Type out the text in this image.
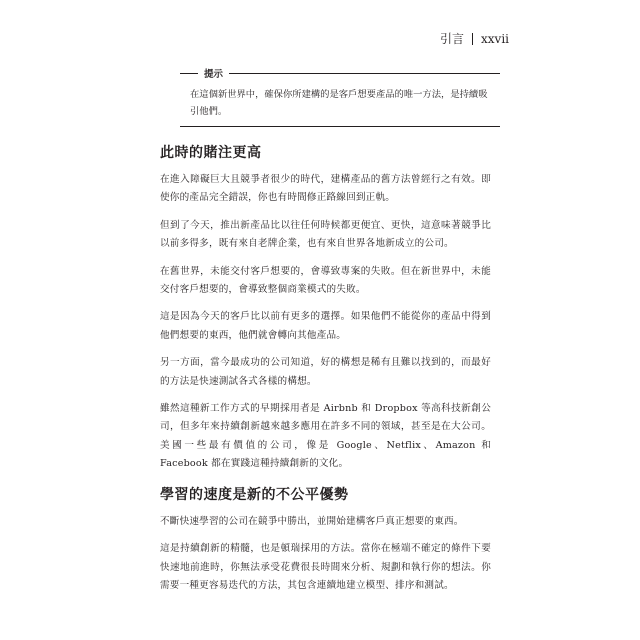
引言 xxvii
提示
在這個新世界中，確保你所建構的是客戶想要產品的唯一方法，是持續吸引他們。
此時的賭注更高

在進入障礙巨大且競爭者很少的時代，建構產品的舊方法曾經行之有效。即使你的產品完全錯誤，你也有時間修正路線回到正軌。

但到了今天，推出新產品比以往任何時候都更便宜、更快，這意味著競爭比以前多得多，既有來自老牌企業，也有來自世界各地新成立的公司。

在舊世界，未能交付客戶想要的，會導致專案的失敗。但在新世界中，未能交付客戶想要的，會導致整個商業模式的失敗。

這是因為今天的客戶比以前有更多的選擇。如果他們不能從你的產品中得到他們想要的東西，他們就會轉向其他產品。

另一方面，當今最成功的公司知道，好的構想是稀有且難以找到的，而最好的方法是快速測試各式各樣的構想。

雖然這種新工作方式的早期採用者是 Airbnb 和 Dropbox 等高科技新創公司，但多年來持續創新越來越多應用在許多不同的領域，甚至是在大公司。美國一些最有價值的公司，像是 Google、Netflix、Amazon 和 Facebook 都在實踐這種持續創新的文化。

學習的速度是新的不公平優勢

不斷快速學習的公司在競爭中勝出，並開始建構客戶真正想要的東西。

這是持續創新的精髓，也是頓瑞採用的方法。當你在極端不確定的條件下要快速地前進時，你無法承受花費很長時間來分析、規劃和執行你的想法。你需要一種更容易迭代的方法，其包含連續地建立模型、排序和測試。
